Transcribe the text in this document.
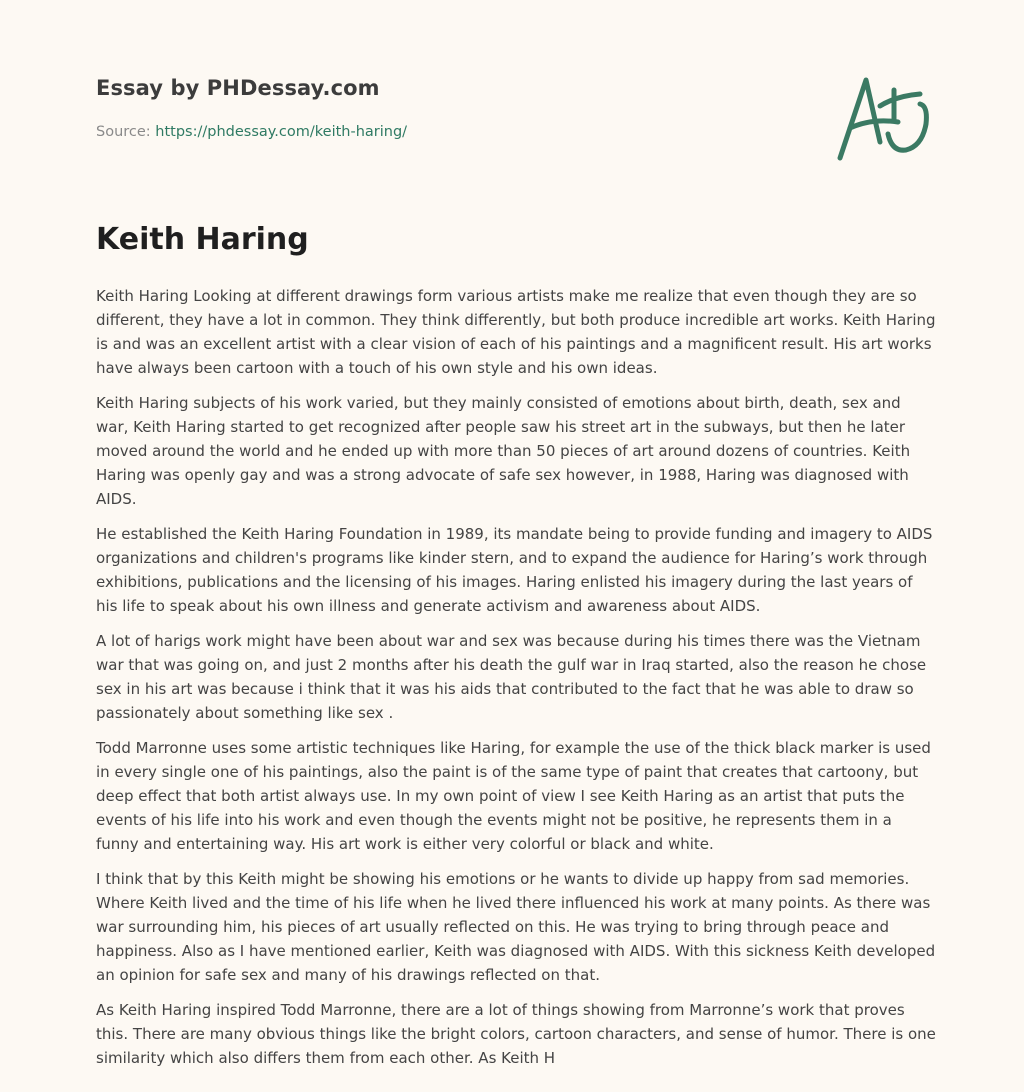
Essay by PHDessay.com
Source: https://phdessay.com/keith-haring/
Keith Haring

Keith Haring Looking at different drawings form various artists make me realize that even though they are so different, they have a lot in common. They think differently, but both produce incredible art works. Keith Haring is and was an excellent artist with a clear vision of each of his paintings and a magnificent result. His art works have always been cartoon with a touch of his own style and his own ideas.

Keith Haring subjects of his work varied, but they mainly consisted of emotions about birth, death, sex and war, Keith Haring started to get recognized after people saw his street art in the subways, but then he later moved around the world and he ended up with more than 50 pieces of art around dozens of countries. Keith Haring was openly gay and was a strong advocate of safe sex however, in 1988, Haring was diagnosed with AIDS.

He established the Keith Haring Foundation in 1989, its mandate being to provide funding and imagery to AIDS organizations and children's programs like kinder stern, and to expand the audience for Haring’s work through exhibitions, publications and the licensing of his images. Haring enlisted his imagery during the last years of his life to speak about his own illness and generate activism and awareness about AIDS.

A lot of harigs work might have been about war and sex was because during his times there was the Vietnam war that was going on, and just 2 months after his death the gulf war in Iraq started, also the reason he chose sex in his art was because i think that it was his aids that contributed to the fact that he was able to draw so passionately about something like sex .

Todd Marronne uses some artistic techniques like Haring, for example the use of the thick black marker is used in every single one of his paintings, also the paint is of the same type of paint that creates that cartoony, but deep effect that both artist always use. In my own point of view I see Keith Haring as an artist that puts the events of his life into his work and even though the events might not be positive, he represents them in a funny and entertaining way. His art work is either very colorful or black and white.

I think that by this Keith might be showing his emotions or he wants to divide up happy from sad memories. Where Keith lived and the time of his life when he lived there influenced his work at many points. As there was war surrounding him, his pieces of art usually reflected on this. He was trying to bring through peace and happiness. Also as I have mentioned earlier, Keith was diagnosed with AIDS. With this sickness Keith developed an opinion for safe sex and many of his drawings reflected on that.

As Keith Haring inspired Todd Marronne, there are a lot of things showing from Marronne’s work that proves this. There are many obvious things like the bright colors, cartoon characters, and sense of humor. There is one similarity which also differs them from each other. As Keith H
